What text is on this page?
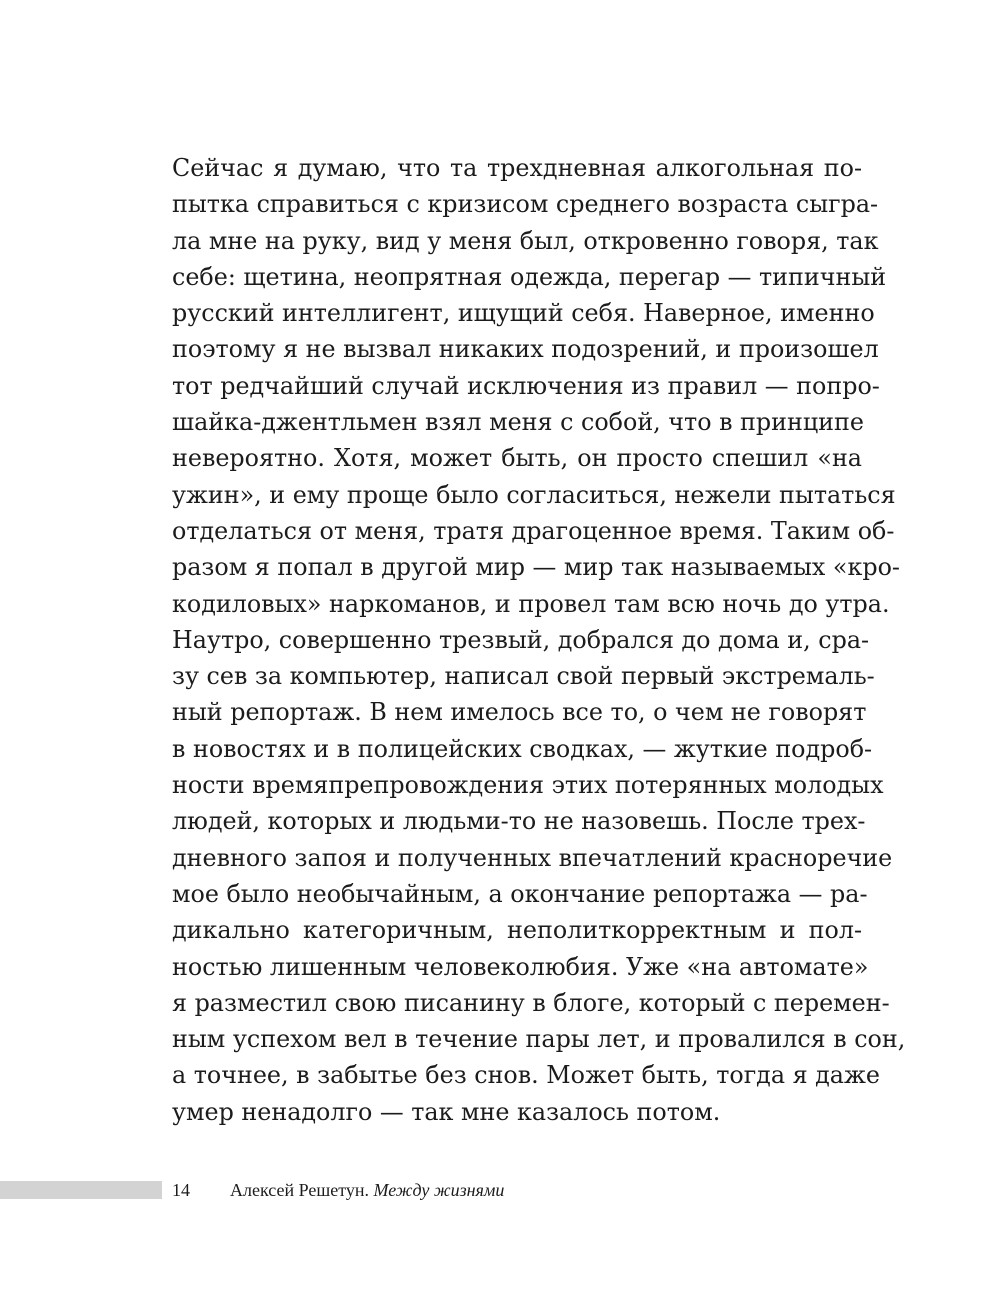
Сейчас я думаю, что та трехдневная алкогольная по-
пытка справиться с кризисом среднего возраста сыгра-
ла мне на руку, вид у меня был, откровенно говоря, так
себе: щетина, неопрятная одежда, перегар — типичный
русский интеллигент, ищущий себя. Наверное, именно
поэтому я не вызвал никаких подозрений, и произошел
тот редчайший случай исключения из правил — попро-
шайка-джентльмен взял меня с собой, что в принципе
невероятно. Хотя, может быть, он просто спешил «на
ужин», и ему проще было согласиться, нежели пытаться
отделаться от меня, тратя драгоценное время. Таким об-
разом я попал в другой мир — мир так называемых «кро-
кодиловых» наркоманов, и провел там всю ночь до утра.
Наутро, совершенно трезвый, добрался до дома и, сра-
зу сев за компьютер, написал свой первый экстремаль-
ный репортаж. В нем имелось все то, о чем не говорят
в новостях и в полицейских сводках, — жуткие подроб-
ности времяпрепровождения этих потерянных молодых
людей, которых и людьми-то не назовешь. После трех-
дневного запоя и полученных впечатлений красноречие
мое было необычайным, а окончание репортажа — ра-
дикально категоричным, неполиткорректным и пол-
ностью лишенным человеколюбия. Уже «на автомате»
я разместил свою писанину в блоге, который с перемен-
ным успехом вел в течение пары лет, и провалился в сон,
а точнее, в забытье без снов. Может быть, тогда я даже
умер ненадолго — так мне казалось потом.
14 Алексей Решетун. Между жизнями
